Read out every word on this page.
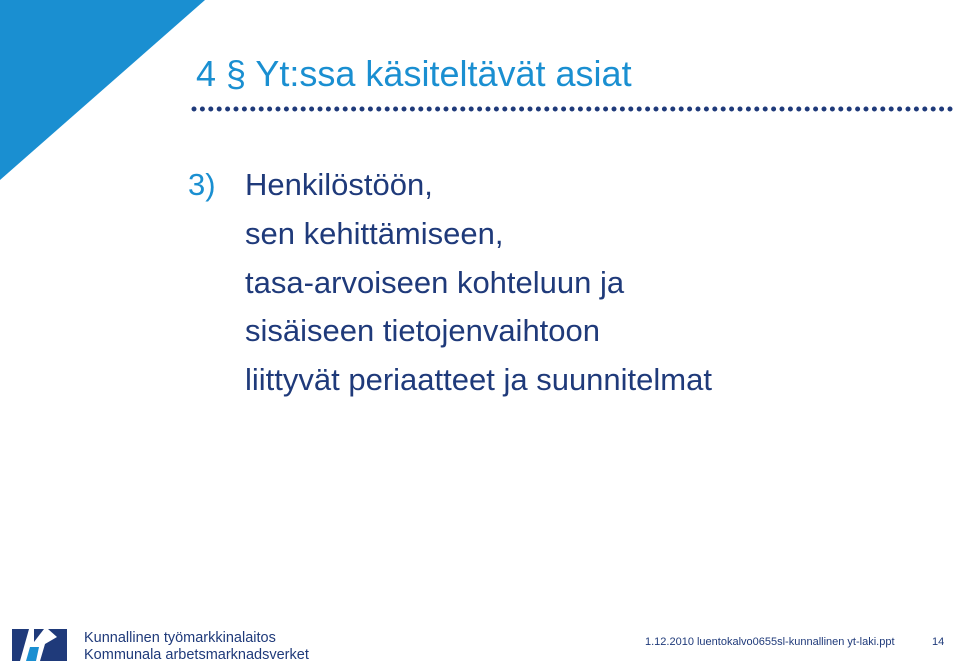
4 § Yt:ssa käsiteltävät asiat
3) Henkilöstöön,
sen kehittämiseen,
tasa-arvoiseen kohteluun ja
sisäiseen tietojenvaihtoon
liittyvät periaatteet ja suunnitelmat
Kunnallinen työmarkkinalaitos
Kommunala arbetsmarknadsverket
1.12.2010 luentokalvo0655sl-kunnallinen yt-laki.ppt	14
